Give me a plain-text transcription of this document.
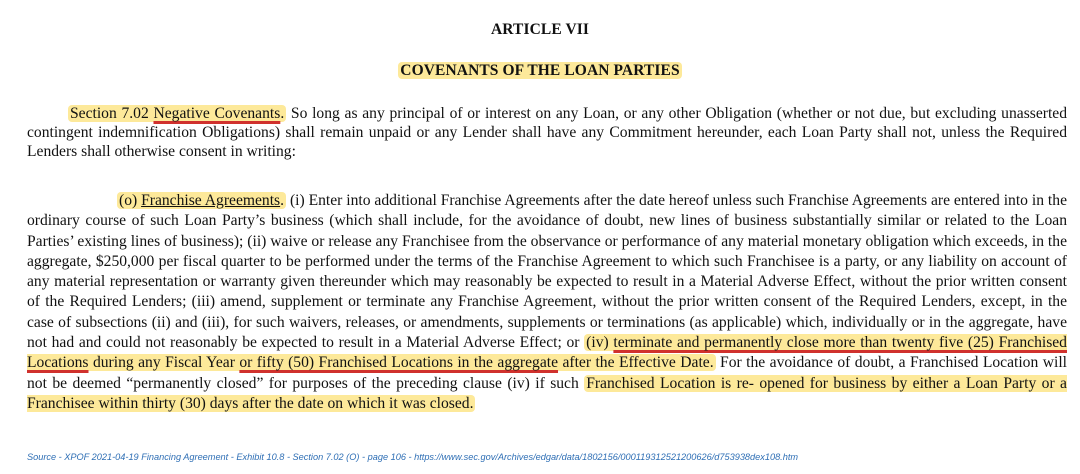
ARTICLE VII
COVENANTS OF THE LOAN PARTIES
Section 7.02 Negative Covenants. So long as any principal of or interest on any Loan, or any other Obligation (whether or not due, but excluding unasserted contingent indemnification Obligations) shall remain unpaid or any Lender shall have any Commitment hereunder, each Loan Party shall not, unless the Required Lenders shall otherwise consent in writing:
(o) Franchise Agreements. (i) Enter into additional Franchise Agreements after the date hereof unless such Franchise Agreements are entered into in the ordinary course of such Loan Party’s business (which shall include, for the avoidance of doubt, new lines of business substantially similar or related to the Loan Parties’ existing lines of business); (ii) waive or release any Franchisee from the observance or performance of any material monetary obligation which exceeds, in the aggregate, $250,000 per fiscal quarter to be performed under the terms of the Franchise Agreement to which such Franchisee is a party, or any liability on account of any material representation or warranty given thereunder which may reasonably be expected to result in a Material Adverse Effect, without the prior written consent of the Required Lenders; (iii) amend, supplement or terminate any Franchise Agreement, without the prior written consent of the Required Lenders, except, in the case of subsections (ii) and (iii), for such waivers, releases, or amendments, supplements or terminations (as applicable) which, individually or in the aggregate, have not had and could not reasonably be expected to result in a Material Adverse Effect; or (iv) terminate and permanently close more than twenty five (25) Franchised Locations during any Fiscal Year or fifty (50) Franchised Locations in the aggregate after the Effective Date. For the avoidance of doubt, a Franchised Location will not be deemed “permanently closed” for purposes of the preceding clause (iv) if such Franchised Location is re- opened for business by either a Loan Party or a Franchisee within thirty (30) days after the date on which it was closed.
Source - XPOF 2021-04-19 Financing Agreement - Exhibit 10.8 - Section 7.02 (O) - page 106 - https://www.sec.gov/Archives/edgar/data/1802156/000119312521200626/d753938dex108.htm
